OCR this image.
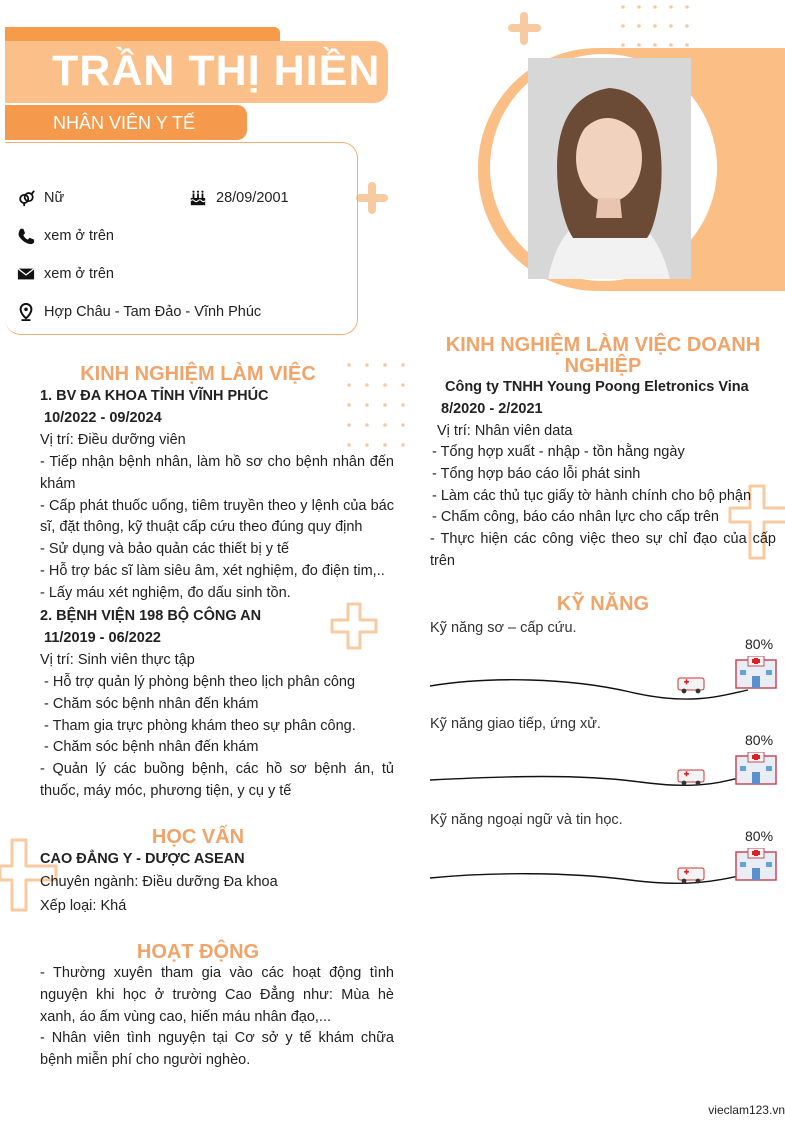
TRẦN THỊ HIỀN
NHÂN VIÊN Y TẾ
Nữ	28/09/2001
xem ở trên
xem ở trên
Hợp Châu - Tam Đảo - Vĩnh Phúc
KINH NGHIỆM LÀM VIỆC
1. BV ĐA KHOA TỈNH VĨNH PHÚC
10/2022 - 09/2024
Vị trí: Điều dưỡng viên
- Tiếp nhận bệnh nhân, làm hồ sơ cho bệnh nhân đến khám
- Cấp phát thuốc uống, tiêm truyền theo y lệnh của bác sĩ, đặt thông, kỹ thuật cấp cứu theo đúng quy định
- Sử dụng và bảo quản các thiết bị y tế
- Hỗ trợ bác sĩ làm siêu âm, xét nghiệm, đo điện tim,..
- Lấy máu xét nghiệm, đo dấu sinh tồn.
2. BỆNH VIỆN 198 BỘ CÔNG AN
11/2019 - 06/2022
Vị trí: Sinh viên thực tập
- Hỗ trợ quản lý phòng bệnh theo lịch phân công
- Chăm sóc bệnh nhân đến khám
- Tham gia trực phòng khám theo sự phân công.
- Chăm sóc bệnh nhân đến khám
- Quản lý các buồng bệnh, các hồ sơ bệnh án, tủ thuốc, máy móc, phương tiện, y cụ y tế
HỌC VẤN
CAO ĐẲNG Y - DƯỢC ASEAN
Chuyên ngành: Điều dưỡng Đa khoa
Xếp loại: Khá
HOẠT ĐỘNG
- Thường xuyên tham gia vào các hoạt động tình nguyện khi học ở trường Cao Đẳng như: Mùa hè xanh, áo ấm vùng cao, hiến máu nhân đạo,...
- Nhân viên tình nguyện tại Cơ sở y tế khám chữa bệnh miễn phí cho người nghèo.
KINH NGHIỆM LÀM VIỆC DOANH NGHIỆP
Công ty TNHH Young Poong Eletronics Vina
8/2020 - 2/2021
Vị trí: Nhân viên data
- Tổng hợp xuất - nhập - tồn hằng ngày
- Tổng hợp báo cáo lỗi phát sinh
- Làm các thủ tục giấy tờ hành chính cho bộ phận
- Chấm công, báo cáo nhân lực cho cấp trên
- Thực hiện các công việc theo sự chỉ đạo của cấp trên
KỸ NĂNG
Kỹ năng sơ – cấp cứu.
80%
Kỹ năng giao tiếp, ứng xử.
80%
Kỹ năng ngoại ngữ và tin học.
80%
vieclam123.vn
